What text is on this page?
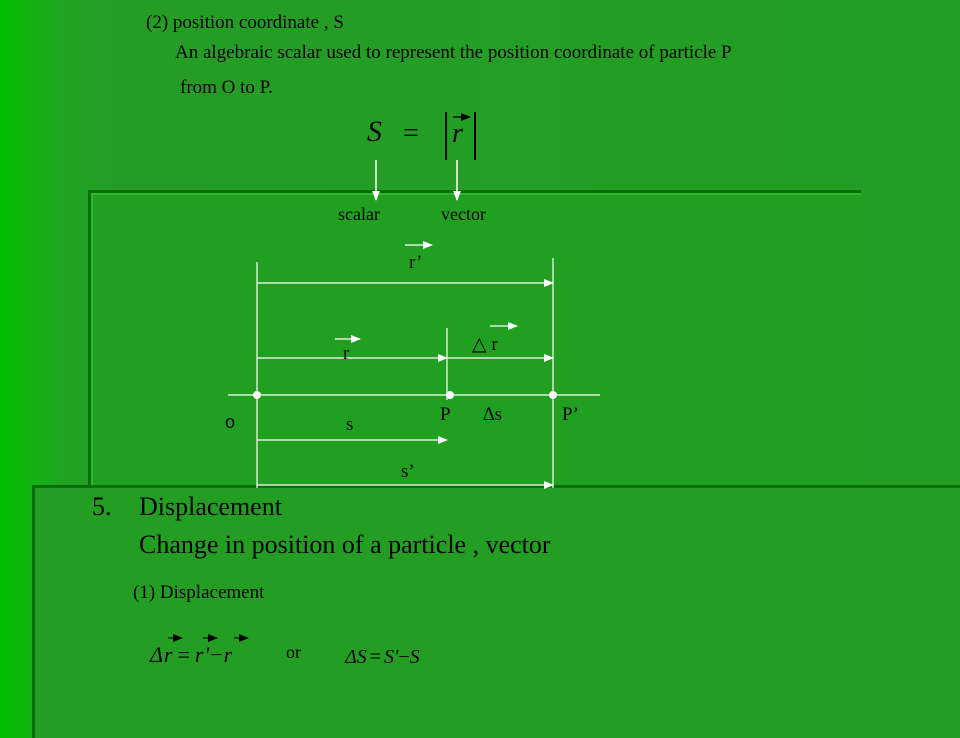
(2) position coordinate , S
An algebraic scalar used to represent the position coordinate of particle P
from O to P.
S = r
scalar	vector
r’
r	△ r
o	s	P ∆s	P’
s’
5. Displacement
Change in position of a particle , vector
(1) Displacement
Δr = r'−r	or ΔS = S'−S
